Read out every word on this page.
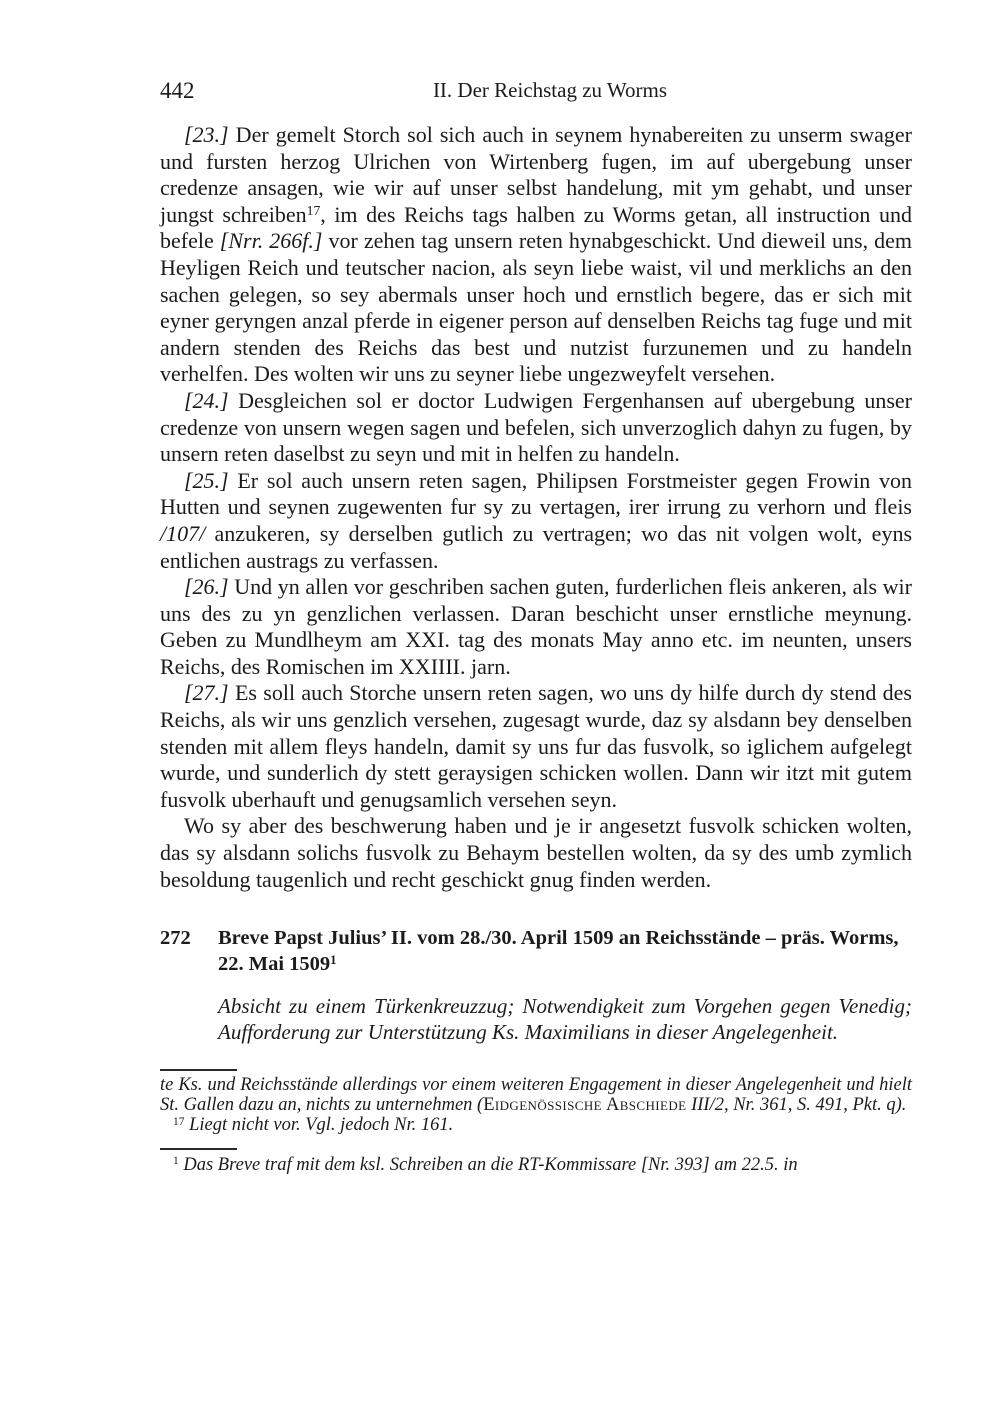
442	II. Der Reichstag zu Worms

[23.] Der gemelt Storch sol sich auch in seynem hynabereiten zu unserm swager und fursten herzog Ulrichen von Wirtenberg fugen, im auf ubergebung unser credenze ansagen, wie wir auf unser selbst handelung, mit ym gehabt, und unser jungst schreiben$^{17}$, im des Reichs tags halben zu Worms getan, all instruction und befele [Nrr. 266f.] vor zehen tag unsern reten hynabgeschickt. Und dieweil uns, dem Heyligen Reich und teutscher nacion, als seyn liebe waist, vil und merklichs an den sachen gelegen, so sey abermals unser hoch und ernstlich begere, das er sich mit eyner geryngen anzal pferde in eigener person auf denselben Reichs tag fuge und mit andern stenden des Reichs das best und nutzist furzunemen und zu handeln verhelfen. Des wolten wir uns zu seyner liebe ungezweyfelt versehen.

[24.] Desgleichen sol er doctor Ludwigen Fergenhansen auf ubergebung unser credenze von unsern wegen sagen und befelen, sich unverzoglich dahyn zu fugen, by unsern reten daselbst zu seyn und mit in helfen zu handeln.

[25.] Er sol auch unsern reten sagen, Philipsen Forstmeister gegen Frowin von Hutten und seynen zugewenten fur sy zu vertagen, irer irrung zu verhorn und fleis /107/ anzukeren, sy derselben gutlich zu vertragen; wo das nit volgen wolt, eyns entlichen austrags zu verfassen.

[26.] Und yn allen vor geschriben sachen guten, furderlichen fleis ankeren, als wir uns des zu yn genzlichen verlassen. Daran beschicht unser ernstliche meynung. Geben zu Mundlheym am XXI. tag des monats May anno etc. im neunten, unsers Reichs, des Romischen im XXIIII. jarn.

[27.] Es soll auch Storche unsern reten sagen, wo uns dy hilfe durch dy stend des Reichs, als wir uns genzlich versehen, zugesagt wurde, daz sy alsdann bey denselben stenden mit allem fleys handeln, damit sy uns fur das fusvolk, so iglichem aufgelegt wurde, und sunderlich dy stett geraysigen schicken wollen. Dann wir itzt mit gutem fusvolk uberhauft und genugsamlich versehen seyn.

Wo sy aber des beschwerung haben und je ir angesetzt fusvolk schicken wolten, das sy alsdann solichs fusvolk zu Behaym bestellen wolten, da sy des umb zymlich besoldung taugenlich und recht geschickt gnug finden werden.

272	Breve Papst Julius’ II. vom 28./30. April 1509 an Reichsstände – präs. Worms,
22. Mai 1509$^1$

Absicht zu einem Türkenkreuzzug; Notwendigkeit zum Vorgehen gegen Venedig; Aufforderung zur Unterstützung Ks. Maximilians in dieser Angelegenheit.

te Ks. und Reichsstände allerdings vor einem weiteren Engagement in dieser Angelegenheit und hielt St. Gallen dazu an, nichts zu unternehmen (Eidgenössische Abschiede III/2, Nr. 361, S. 491, Pkt. q).

$^{17}$ Liegt nicht vor. Vgl. jedoch Nr. 161.

$^1$ Das Breve traf mit dem ksl. Schreiben an die RT-Kommissare [Nr. 393] am 22.5. in
